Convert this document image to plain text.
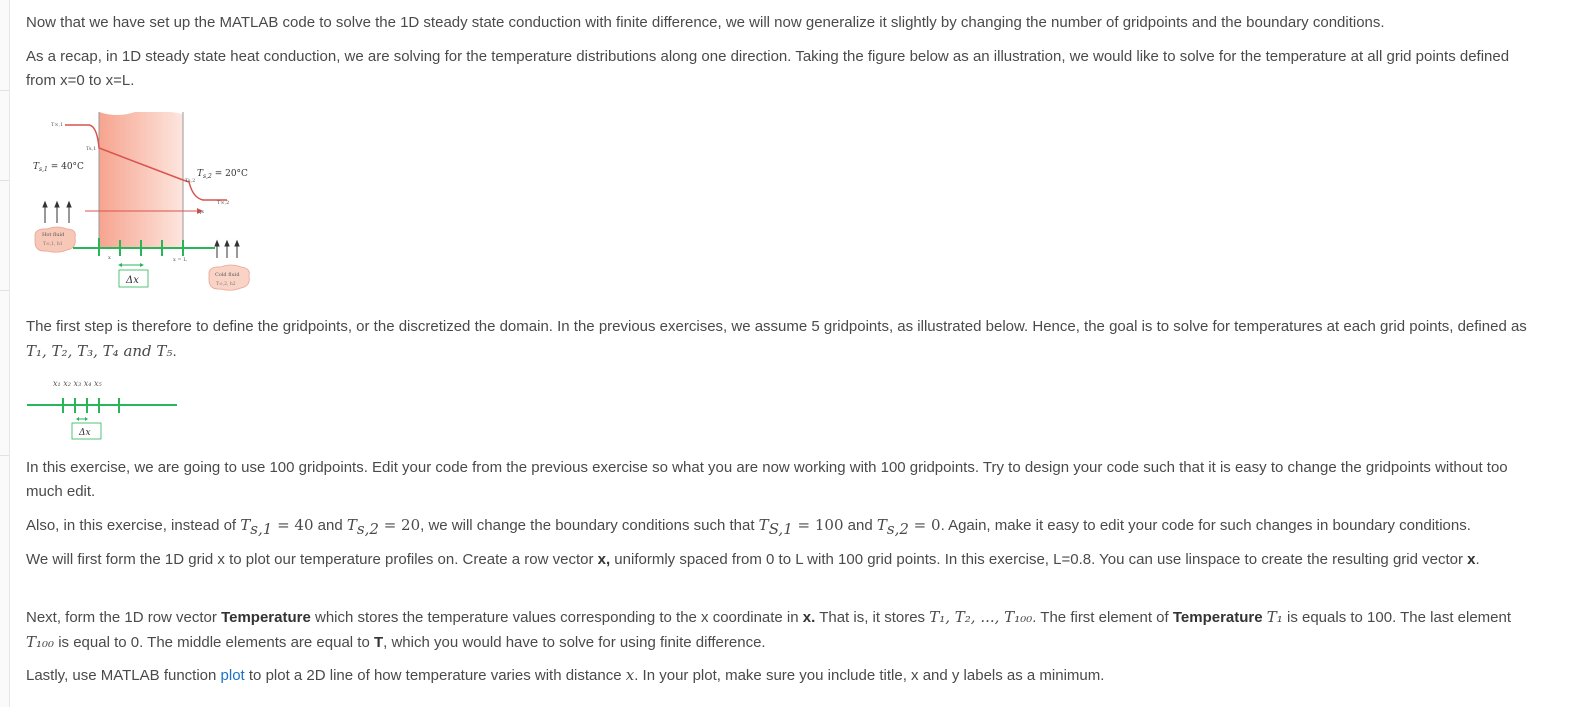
Now that we have set up the MATLAB code to solve the 1D steady state conduction with finite difference, we will now generalize it slightly by changing the number of gridpoints and the boundary conditions.

As a recap, in 1D steady state heat conduction, we are solving for the temperature distributions along one direction. Taking the figure below as an illustration, we would like to solve for the temperature at all grid points defined from x=0 to x=L.

The first step is therefore to define the gridpoints, or the discretized the domain. In the previous exercises, we assume 5 gridpoints, as illustrated below. Hence, the goal is to solve for temperatures at each grid points, defined as T₁, T₂, T₃, T₄ and T₅.

In this exercise, we are going to use 100 gridpoints. Edit your code from the previous exercise so what you are now working with 100 gridpoints. Try to design your code such that it is easy to change the gridpoints without too much edit.

Also, in this exercise, instead of $T_{s,1} = 40$ and $T_{s,2} = 20$, we will change the boundary conditions such that $T_{S,1} = 100$ and $T_{s,2} = 0$. Again, make it easy to edit your code for such changes in boundary conditions.

We will first form the 1D grid x to plot our temperature profiles on. Create a row vector x, uniformly spaced from 0 to L with 100 grid points. In this exercise, L=0.8. You can use linspace to create the resulting grid vector x.

Next, form the 1D row vector Temperature which stores the temperature values corresponding to the x coordinate in x. That is, it stores T₁, T₂, ..., T₁₀₀. The first element of Temperature T₁ is equals to 100. The last element T₁₀₀ is equal to 0. The middle elements are equal to T, which you would have to solve for using finite difference.

Lastly, use MATLAB function plot to plot a 2D line of how temperature varies with distance x. In your plot, make sure you include title, x and y labels as a minimum.

qx
T∞,1
Ts,1
$T_{s,1} = 40^\circ C$
Ts,2
$T_{s,2} = 20^\circ C$
T∞,2
Hot fluid
T∞,1, h1
x	x = L
Cold fluid
T∞,2, h2
Δx
x₁ x₂ x₃ x₄ x₅
Δx
